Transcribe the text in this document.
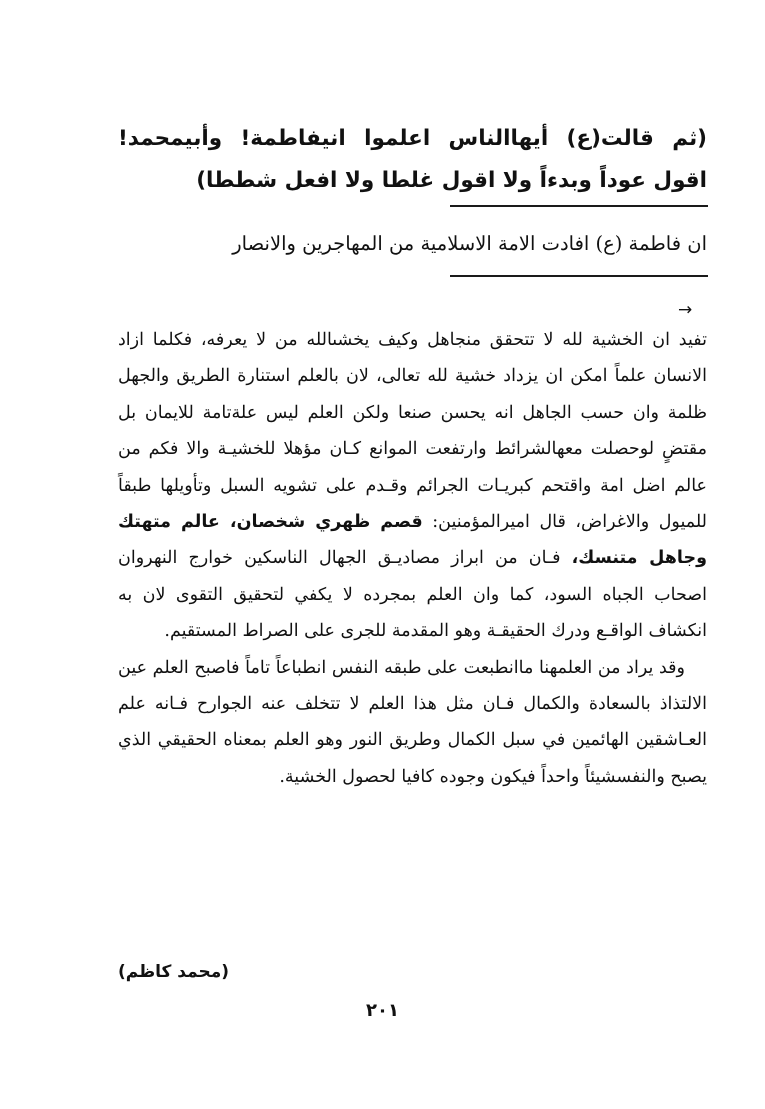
(ثم قالت(ع) أيهاالناس اعلموا انيفاطمة! وأبيمحمد! اقول عوداً وبدءاً ولا اقول غلطا ولا افعل شططا)
ان فاطمة (ع) افادت الامة الاسلامية من المهاجرين والانصار
→

تفيد ان الخشية لله لا تتحقق منجاهل وكيف يخشىالله من لا يعرفه، فكلما ازاد الانسان علماً امكن ان يزداد خشية لله تعالى، لان بالعلم استنارة الطريق والجهل ظلمة وان حسب الجاهل انه يحسن صنعا ولكن العلم ليس علةتامة للايمان بل مقتضٍ لوحصلت معهالشرائط وارتفعت الموانع كـان مؤهلا للخشيـة والا فكم من عالم اضل امة واقتحم كبريـات الجرائم وقـدم على تشويه السبل وتأويلها طبقاً للميول والاغراض، قال اميرالمؤمنين: قصم ظهري شخصان، عالم متهتك وجاهل متنسك، فـان من ابراز مصاديـق الجهال الناسكين خوارج النهروان اصحاب الجباه السود، كما وان العلم بمجرده لا يكفي لتحقيق التقوى لان به انكشاف الواقـع ودرك الحقيقـة وهو المقدمة للجرى على الصراط المستقيم.

وقد يراد من العلمهنا ماانطبعت على طبقه النفس انطباعاً تاماً فاصبح العلم عين الالتذاذ بالسعادة والكمال فـان مثل هذا العلم لا تتخلف عنه الجوارح فـانه علم العـاشقين الهائمين في سبل الكمال وطريق النور وهو العلم بمعناه الحقيقي الذي يصبح والنفسشيئاً واحداً فيكون وجوده كافيا لحصول الخشية.

(محمد كاظم)
٢٠١
